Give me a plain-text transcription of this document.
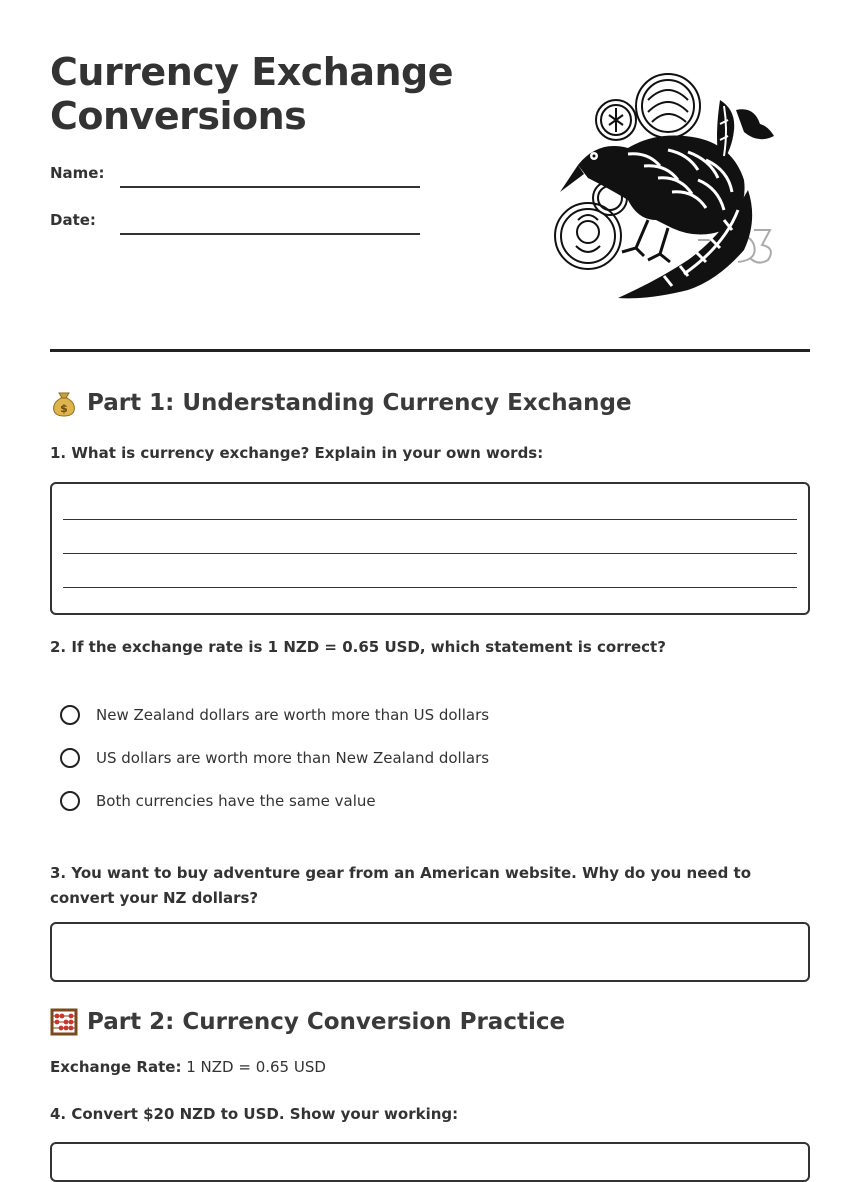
Currency Exchange
Conversions
Name:
Date:
$ Part 1: Understanding Currency Exchange

1. What is currency exchange? Explain in your own words:

2. If the exchange rate is 1 NZD = 0.65 USD, which statement is correct?

New Zealand dollars are worth more than US dollars
US dollars are worth more than New Zealand dollars
Both currencies have the same value

3. You want to buy adventure gear from an American website. Why do you need to convert your NZ dollars?

Part 2: Currency Conversion Practice
Exchange Rate: 1 NZD = 0.65 USD

4. Convert $20 NZD to USD. Show your working:
